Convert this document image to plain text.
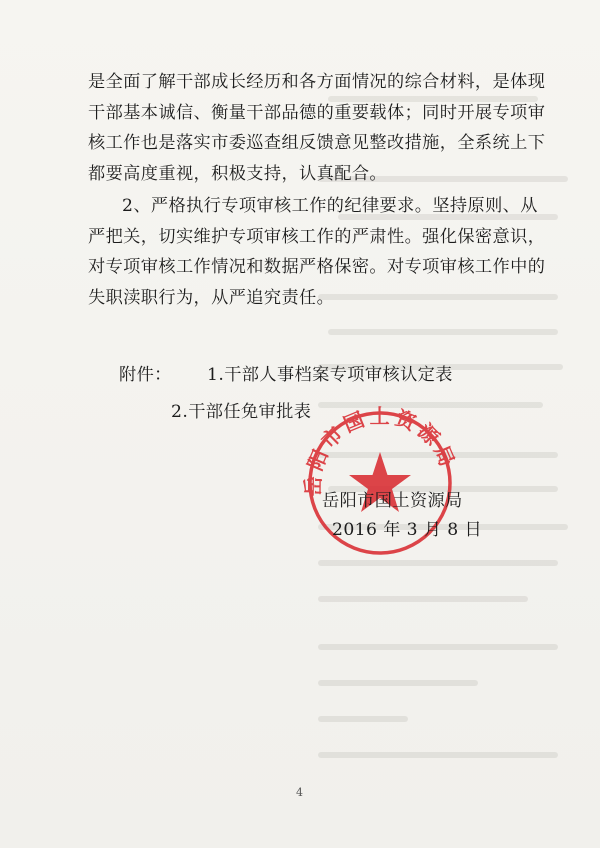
是全面了解干部成长经历和各方面情况的综合材料，是体现
干部基本诚信、衡量干部品德的重要载体；同时开展专项审
核工作也是落实市委巡查组反馈意见整改措施，全系统上下
都要高度重视，积极支持，认真配合。
2、严格执行专项审核工作的纪律要求。坚持原则、从
严把关，切实维护专项审核工作的严肃性。强化保密意识，
对专项审核工作情况和数据严格保密。对专项审核工作中的
失职渎职行为，从严追究责任。
附件： 1.干部人事档案专项审核认定表
2.干部任免审批表
岳阳市国土资源局
岳阳市国土资源局
2016 年 3 月 8 日
4
